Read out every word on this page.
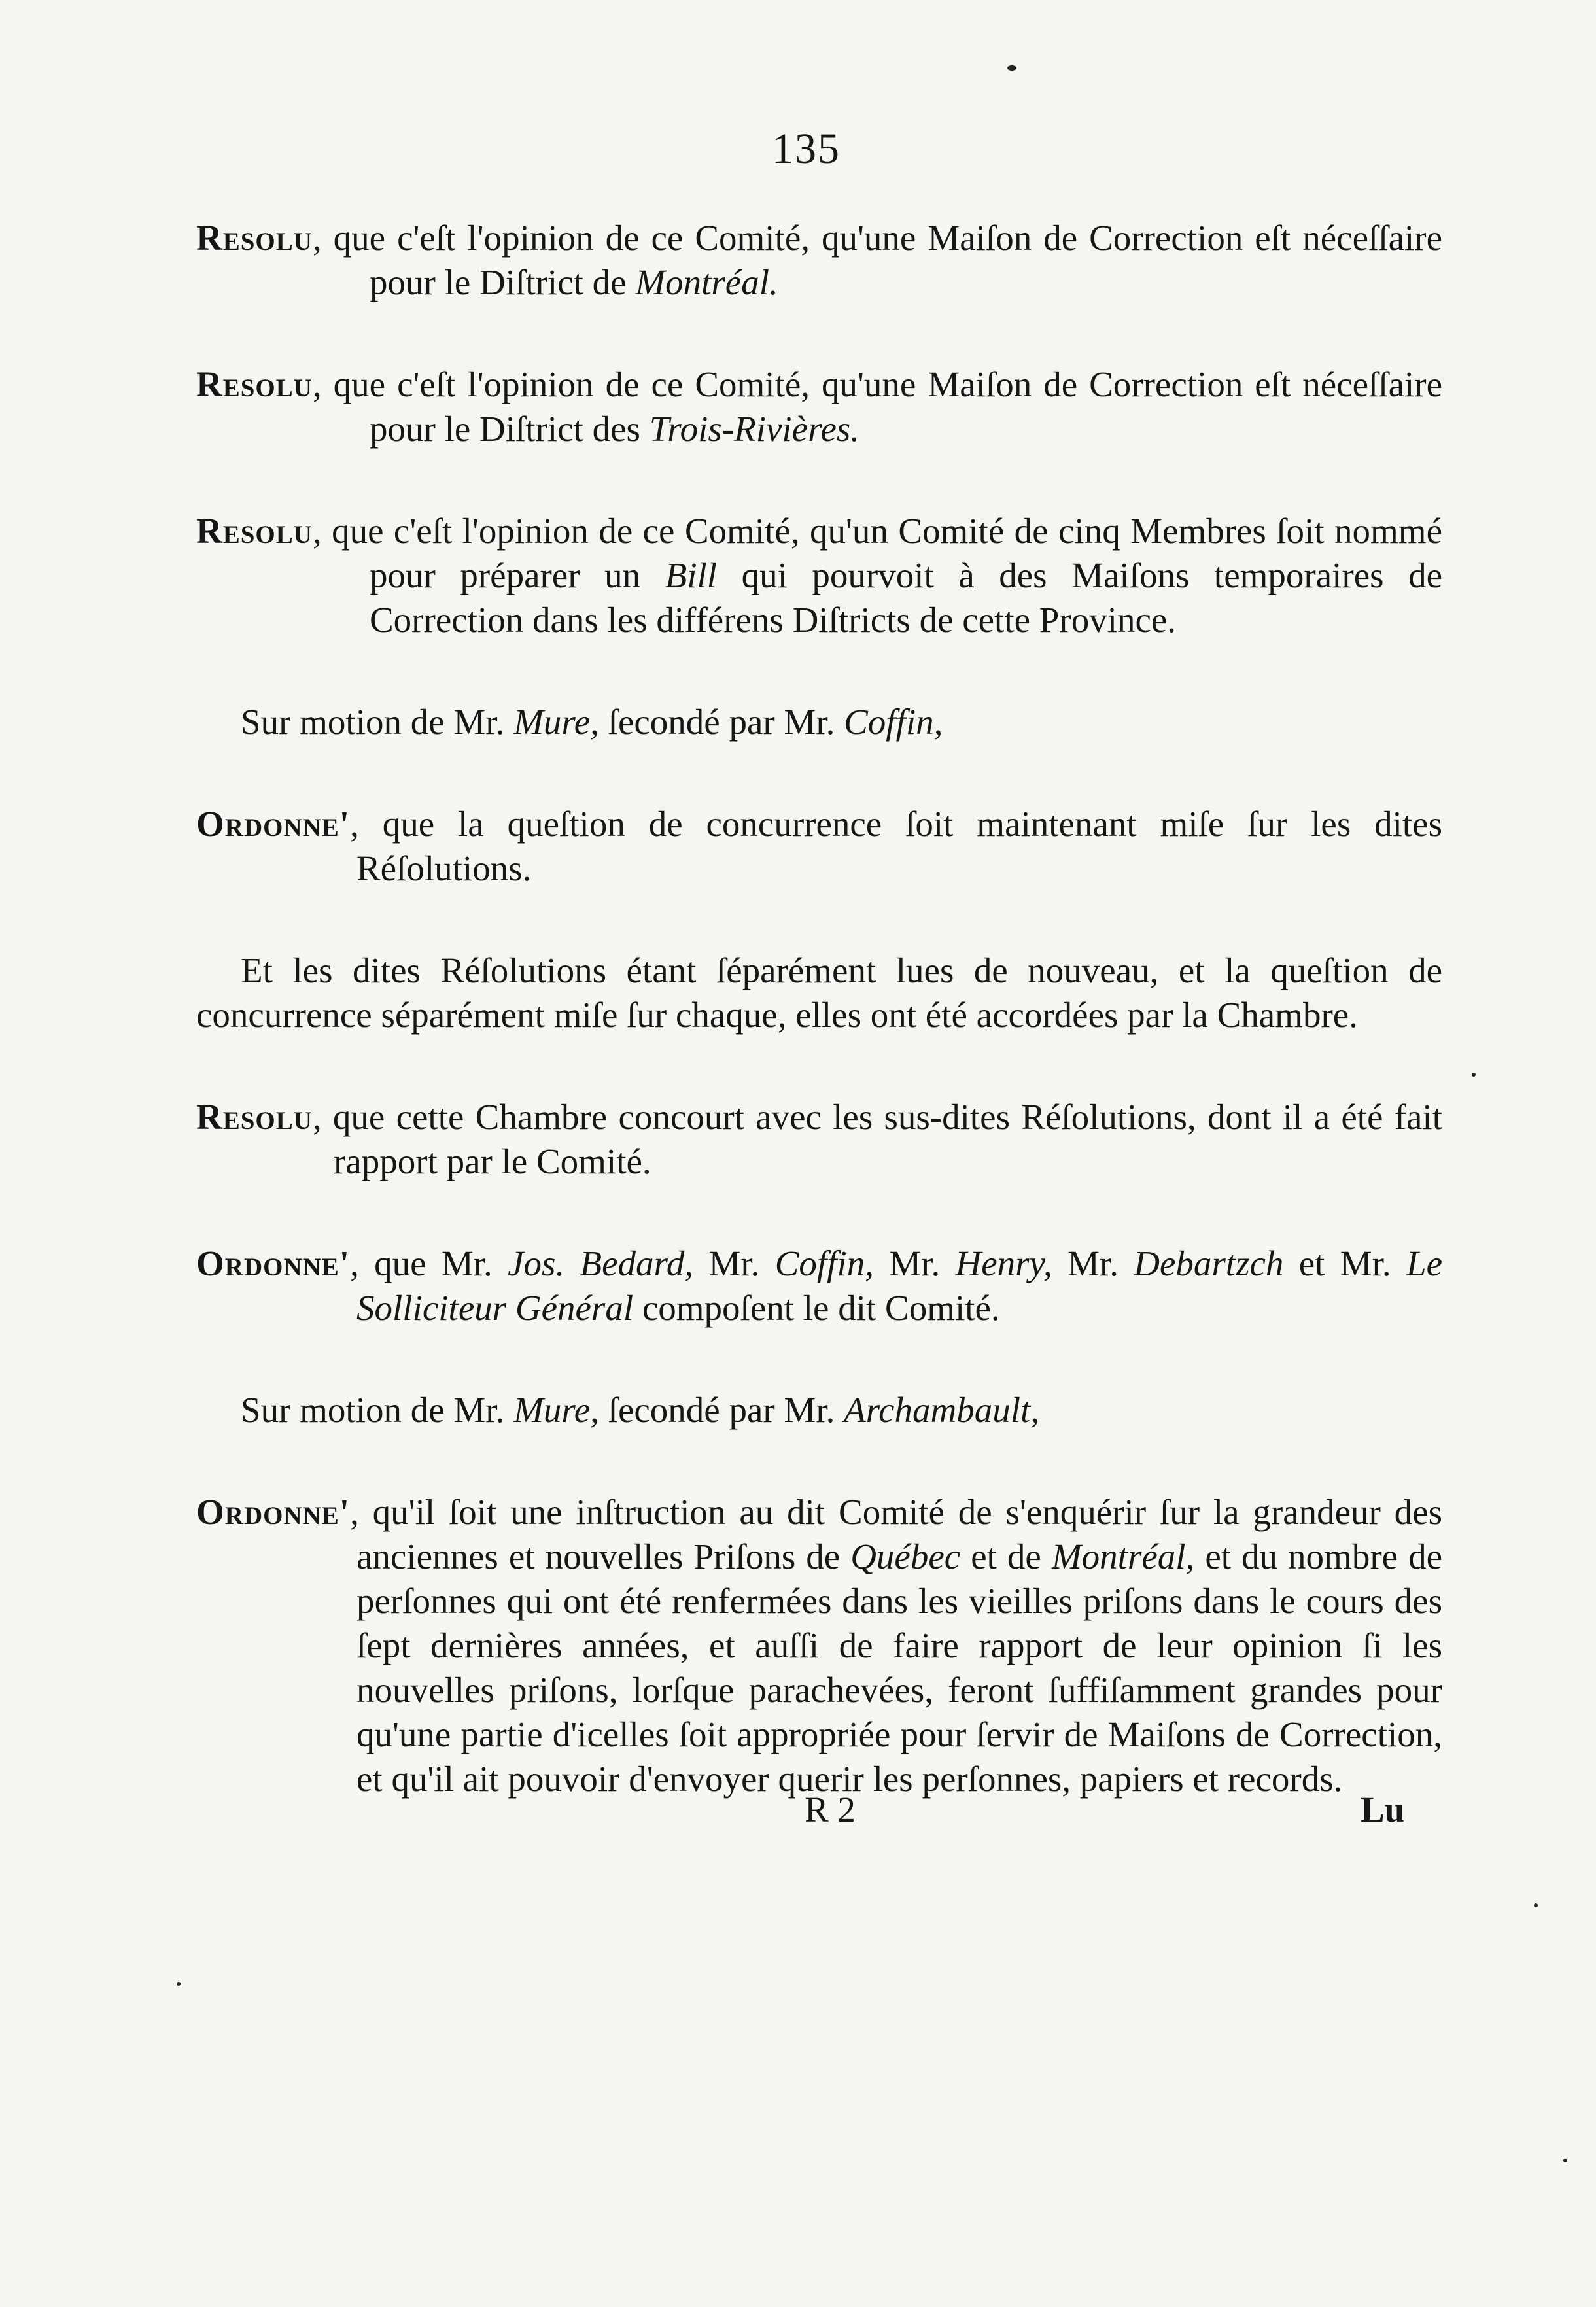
135

Resolu, que c'eſt l'opinion de ce Comité, qu'une Maiſon de Correction eſt néceſſaire pour le Diſtrict de Montréal.

Resolu, que c'eſt l'opinion de ce Comité, qu'une Maiſon de Correction eſt néceſſaire pour le Diſtrict des Trois-Rivières.

Resolu, que c'eſt l'opinion de ce Comité, qu'un Comité de cinq Membres ſoit nommé pour préparer un Bill qui pourvoit à des Maiſons temporaires de Correction dans les différens Diſtricts de cette Province.

Sur motion de Mr. Mure, ſecondé par Mr. Coffin,

Ordonne', que la queſtion de concurrence ſoit maintenant miſe ſur les dites Réſolutions.

Et les dites Réſolutions étant ſéparément lues de nouveau, et la queſtion de concurrence séparément miſe ſur chaque, elles ont été accordées par la Chambre.

Resolu, que cette Chambre concourt avec les sus-dites Réſolutions, dont il a été fait rapport par le Comité.

Ordonne', que Mr. Jos. Bedard, Mr. Coffin, Mr. Henry, Mr. Debartzch et Mr. Le Solliciteur Général compoſent le dit Comité.

Sur motion de Mr. Mure, ſecondé par Mr. Archambault,

Ordonne', qu'il ſoit une inſtruction au dit Comité de s'enquérir ſur la grandeur des anciennes et nouvelles Priſons de Québec et de Montréal, et du nombre de perſonnes qui ont été renfermées dans les vieilles priſons dans le cours des ſept dernières années, et auſſi de faire rapport de leur opinion ſi les nouvelles priſons, lorſque parachevées, feront ſuffiſamment grandes pour qu'une partie d'icelles ſoit appropriée pour ſervir de Maiſons de Correction, et qu'il ait pouvoir d'envoyer querir les perſonnes, papiers et records.

R 2	Lu
